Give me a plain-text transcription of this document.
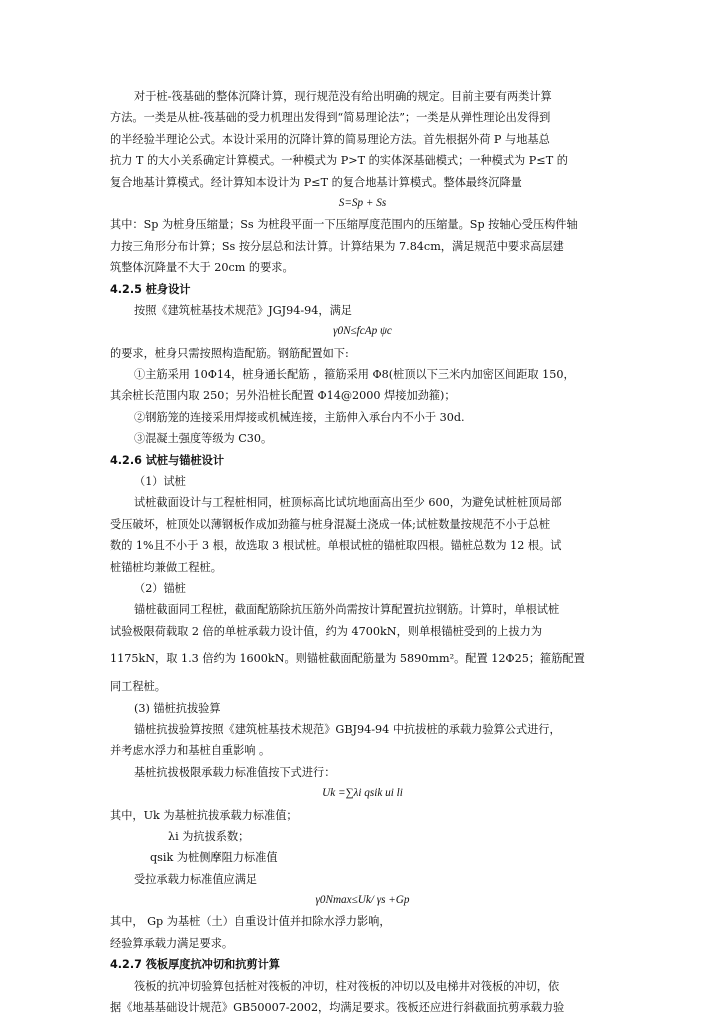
对于桩-筏基础的整体沉降计算，现行规范没有给出明确的规定。目前主要有两类计算
方法。一类是从桩-筏基础的受力机理出发得到“简易理论法”；一类是从弹性理论出发得到
的半经验半理论公式。本设计采用的沉降计算的简易理论方法。首先根据外荷 P 与地基总
抗力 T 的大小关系确定计算模式。一种模式为 P>T 的实体深基础模式；一种模式为 P≤T 的
复合地基计算模式。经计算知本设计为 P≤T 的复合地基计算模式。整体最终沉降量
S=Sp + Ss
其中：Sp 为桩身压缩量；Ss 为桩段平面一下压缩厚度范围内的压缩量。Sp 按轴心受压构件轴
力按三角形分布计算；Ss 按分层总和法计算。计算结果为 7.84cm，满足规范中要求高层建
筑整体沉降量不大于 20cm 的要求。
4.2.5 桩身设计
按照《建筑桩基技术规范》JGJ94-94，满足
γ0N≤fcAp ψc
的要求，桩身只需按照构造配筋。钢筋配置如下:
①主筋采用 10Φ14，桩身通长配筋 ，箍筋采用 Φ8(桩顶以下三米内加密区间距取 150，
其余桩长范围内取 250；另外沿桩长配置 Φ14@2000 焊接加劲箍)；
②钢筋笼的连接采用焊接或机械连接，主筋伸入承台内不小于 30d.
③混凝土强度等级为 C30。
4.2.6 试桩与锚桩设计
（1）试桩
试桩截面设计与工程桩相同，桩顶标高比试坑地面高出至少 600，为避免试桩桩顶局部
受压破坏，桩顶处以薄钢板作成加劲箍与桩身混凝土浇成一体;试桩数量按规范不小于总桩
数的 1%且不小于 3 根，故选取 3 根试桩。单根试桩的锚桩取四根。锚桩总数为 12 根。试
桩锚桩均兼做工程桩。
（2）锚桩
锚桩截面同工程桩，截面配筋除抗压筋外尚需按计算配置抗拉钢筋。计算时，单根试桩
试验极限荷载取 2 倍的单桩承载力设计值，约为 4700kN，则单根锚桩受到的上拔力为
1175kN，取 1.3 倍约为 1600kN。则锚桩截面配筋量为 5890mm²。配置 12Φ25；箍筋配置
同工程桩。
(3) 锚桩抗拔验算
锚桩抗拔验算按照《建筑桩基技术规范》GBJ94-94 中抗拔桩的承载力验算公式进行，
并考虑水浮力和基桩自重影响 。
基桩抗拔极限承载力标准值按下式进行：
Uk =∑λi qsik ui li
其中，Uk 为基桩抗拔承载力标准值；
λi 为抗拔系数；
qsik 为桩侧摩阻力标准值
受拉承载力标准值应满足
γ0Nmax≤Uk/ γs +Gp
其中， Gp 为基桩（土）自重设计值并扣除水浮力影响，
经验算承载力满足要求。
4.2.7 筏板厚度抗冲切和抗剪计算
筏板的抗冲切验算包括桩对筏板的冲切，柱对筏板的冲切以及电梯井对筏板的冲切，依
据《地基基础设计规范》GB50007-2002，均满足要求。筏板还应进行斜截面抗剪承载力验
